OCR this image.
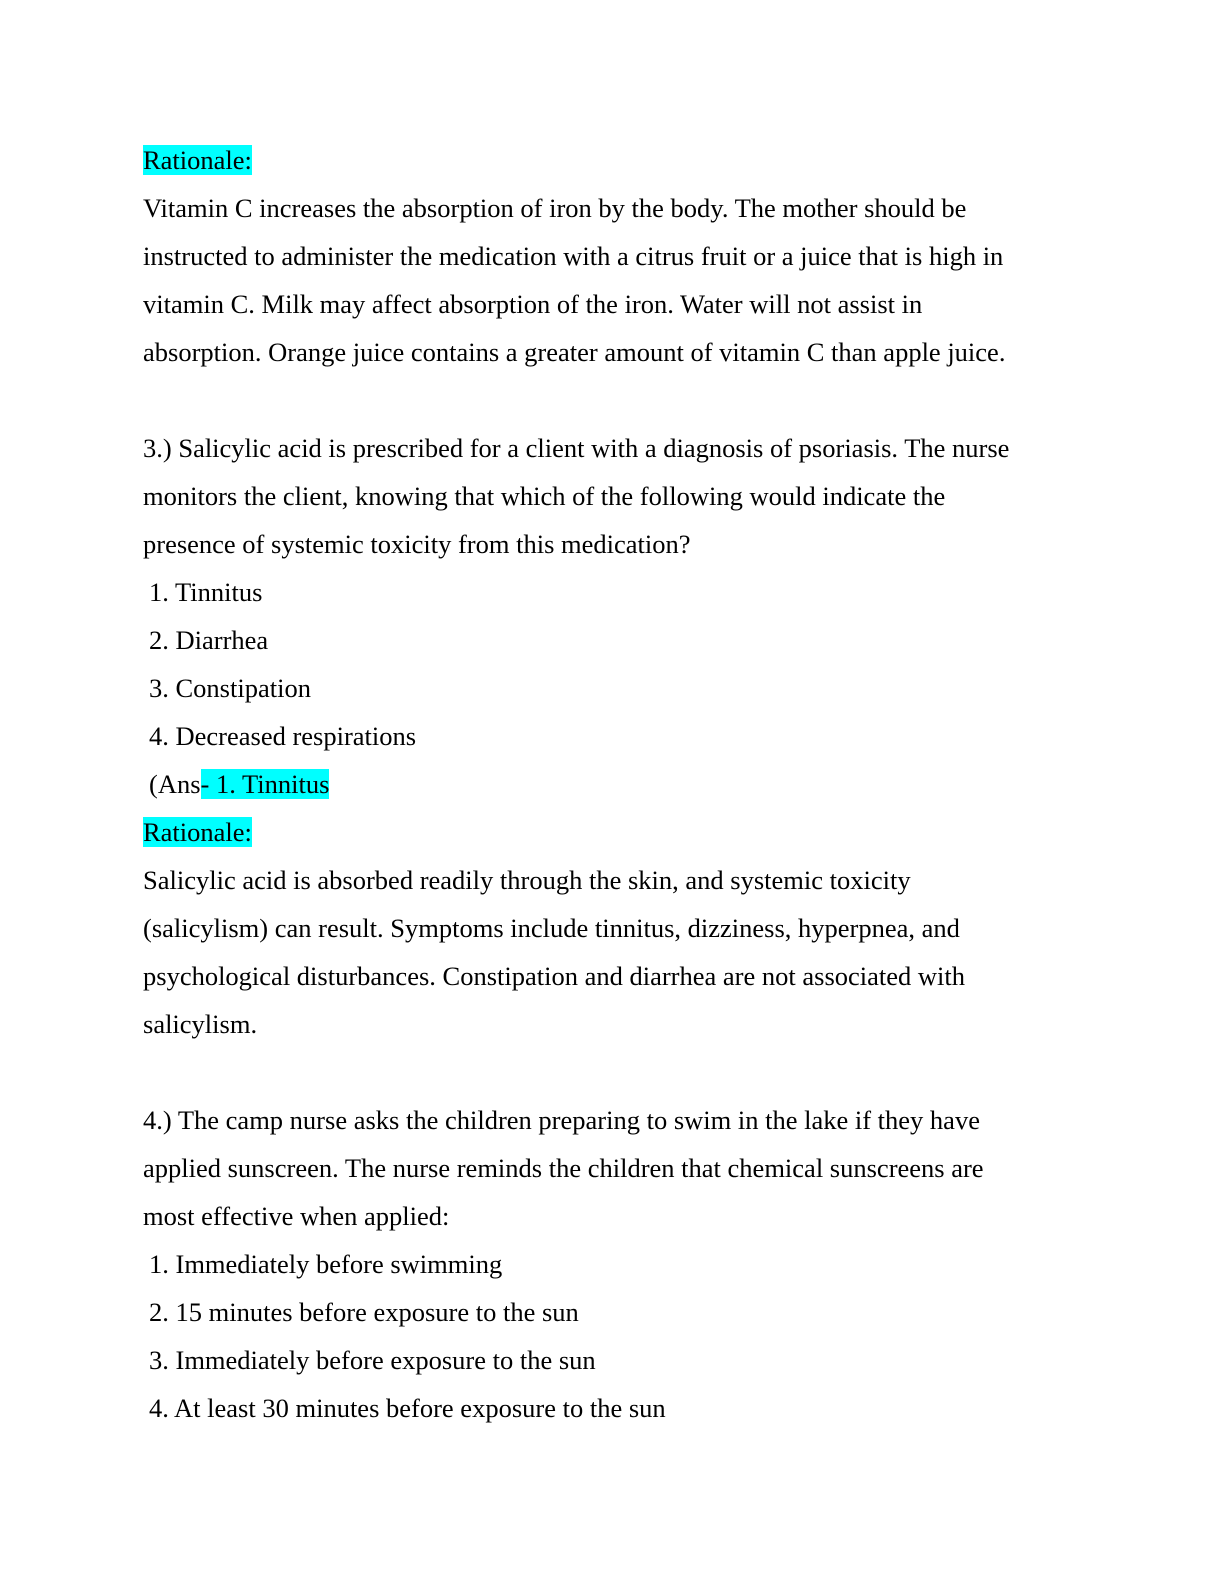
Rationale:
Vitamin C increases the absorption of iron by the body. The mother should be
instructed to administer the medication with a citrus fruit or a juice that is high in
vitamin C. Milk may affect absorption of the iron. Water will not assist in
absorption. Orange juice contains a greater amount of vitamin C than apple juice.
3.) Salicylic acid is prescribed for a client with a diagnosis of psoriasis. The nurse
monitors the client, knowing that which of the following would indicate the
presence of systemic toxicity from this medication?
1. Tinnitus
2. Diarrhea
3. Constipation
4. Decreased respirations
(Ans- 1. Tinnitus
Rationale:
Salicylic acid is absorbed readily through the skin, and systemic toxicity
(salicylism) can result. Symptoms include tinnitus, dizziness, hyperpnea, and
psychological disturbances. Constipation and diarrhea are not associated with
salicylism.
4.) The camp nurse asks the children preparing to swim in the lake if they have
applied sunscreen. The nurse reminds the children that chemical sunscreens are
most effective when applied:
1. Immediately before swimming
2. 15 minutes before exposure to the sun
3. Immediately before exposure to the sun
4. At least 30 minutes before exposure to the sun
